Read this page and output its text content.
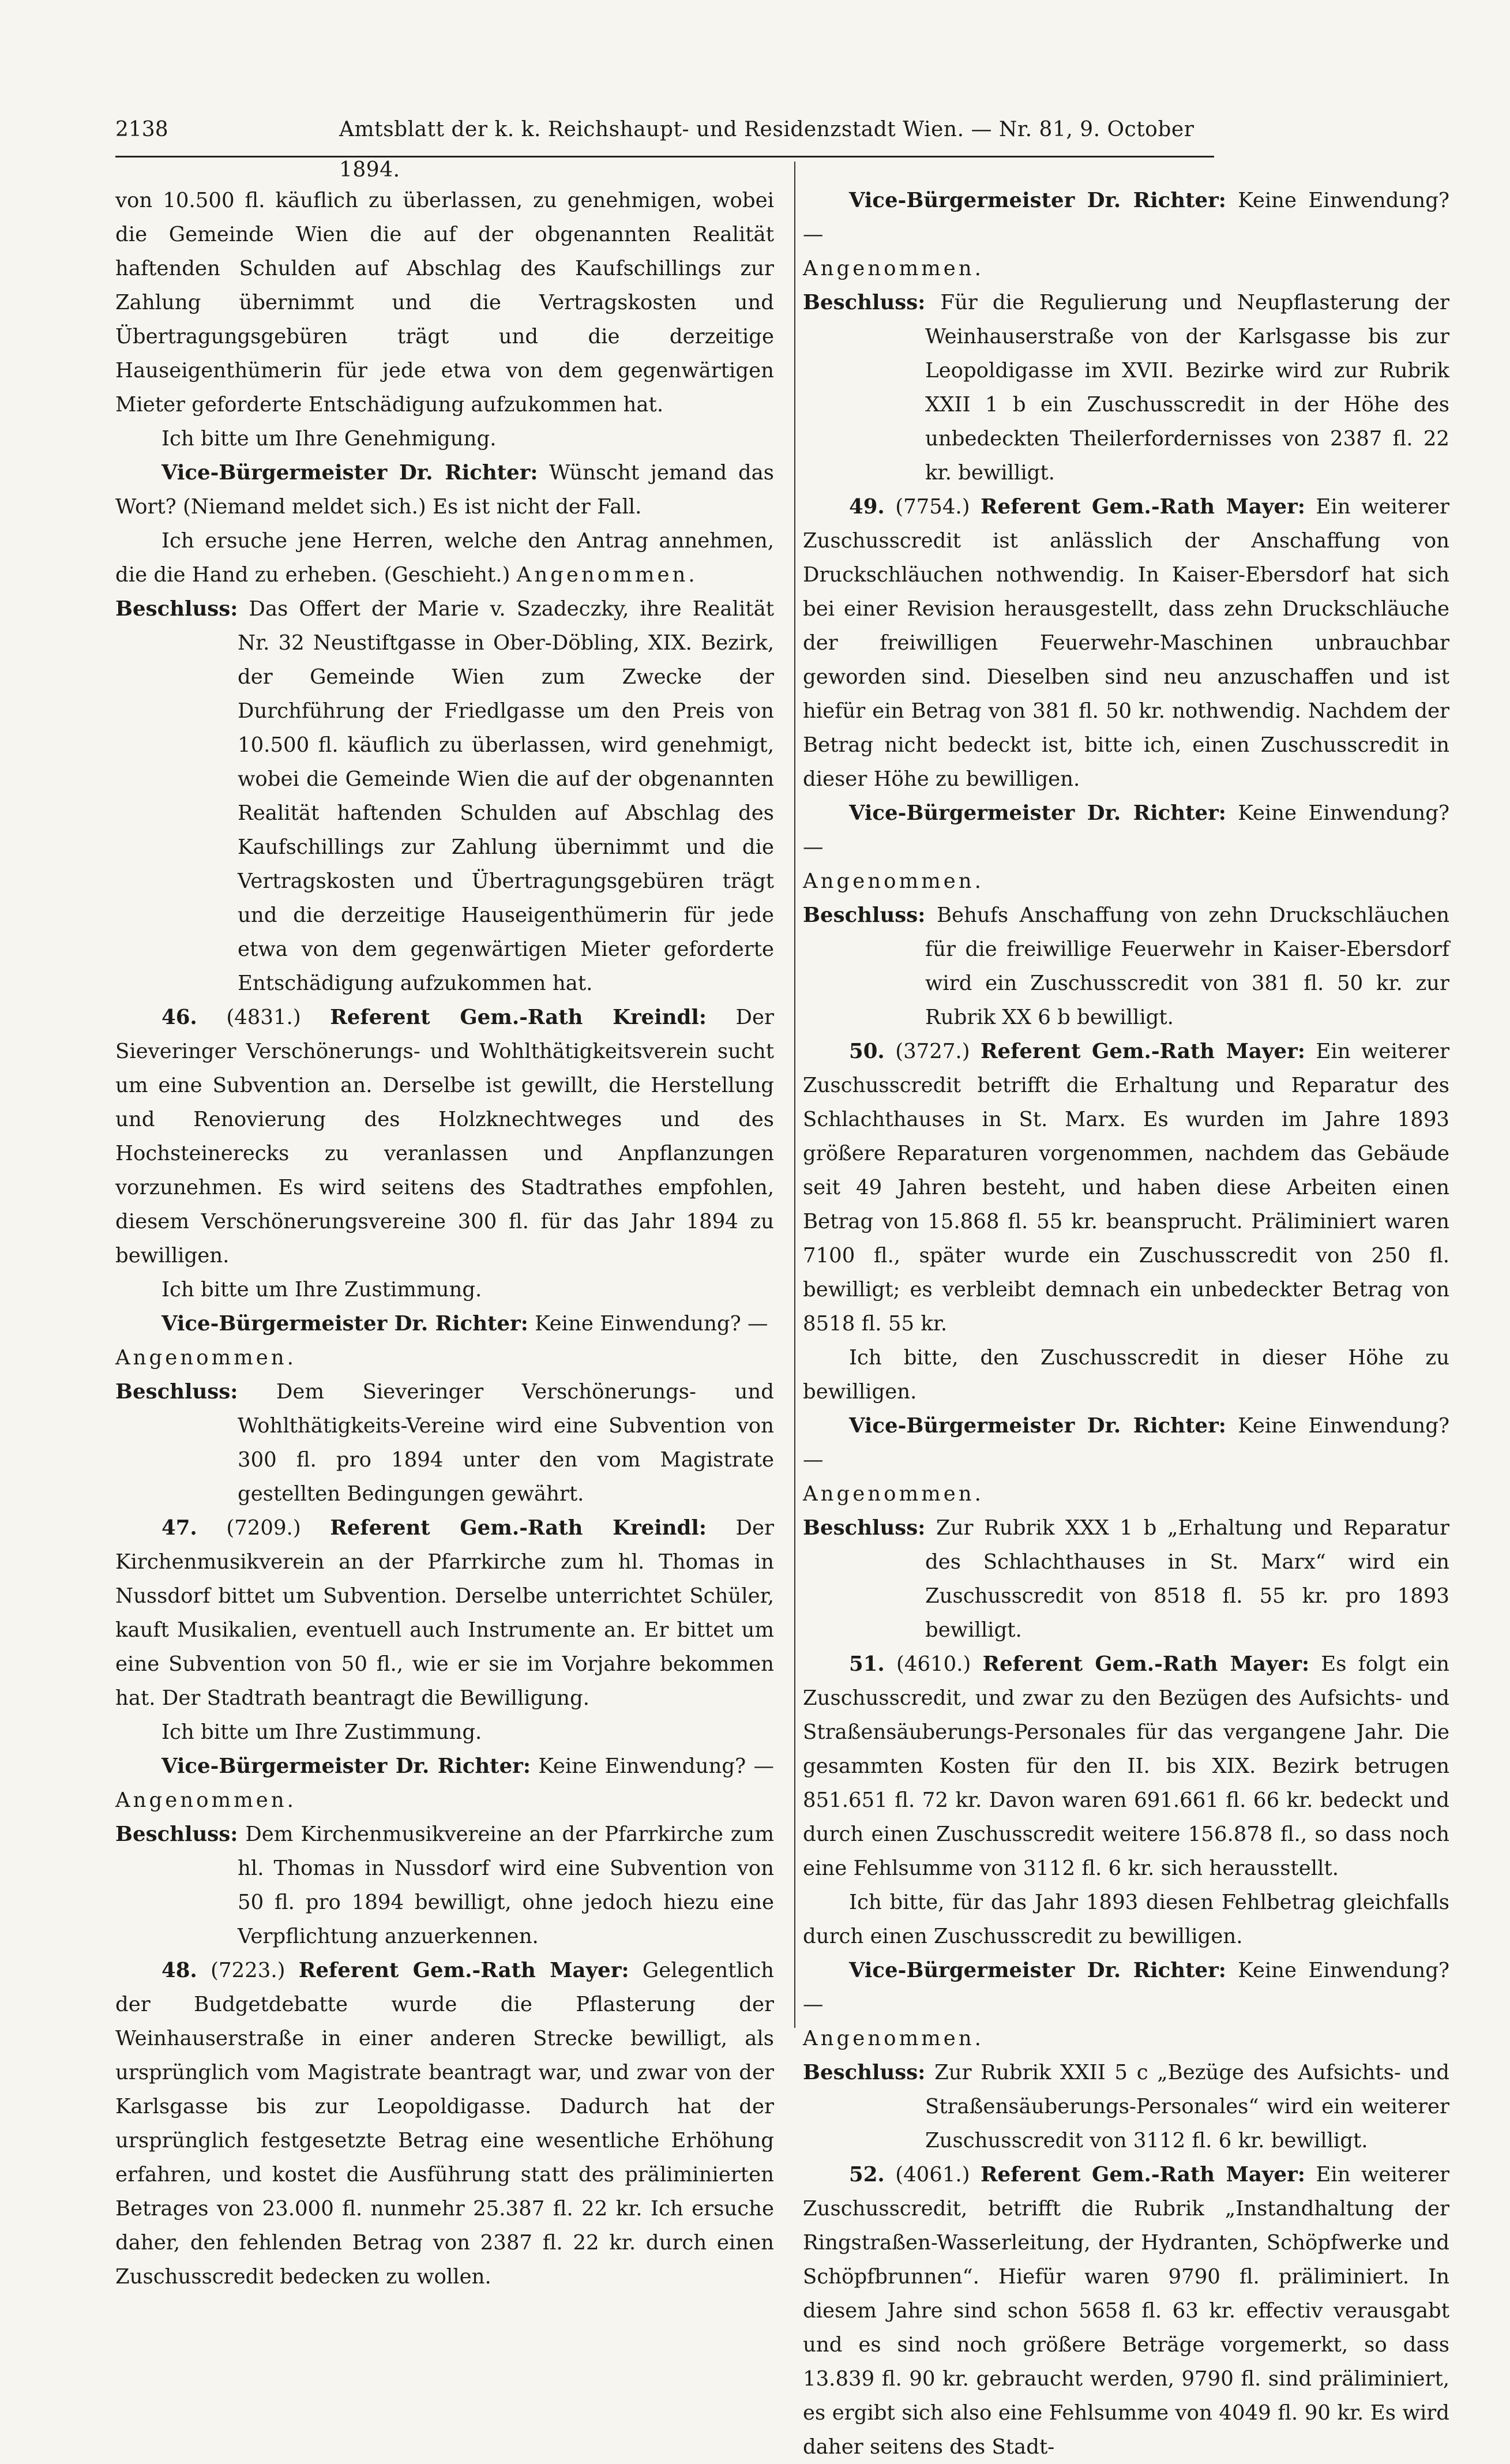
2138	Amtsblatt der k. k. Reichshaupt- und Residenzstadt Wien. — Nr. 81, 9. October 1894.

von 10.500 fl. käuflich zu überlassen, zu genehmigen, wobei die Gemeinde Wien die auf der obgenannten Realität haftenden Schulden auf Abschlag des Kaufschillings zur Zahlung übernimmt und die Vertragskosten und Übertragungsgebüren trägt und die derzeitige Hauseigenthümerin für jede etwa von dem gegenwärtigen Mieter geforderte Entschädigung aufzukommen hat.

Ich bitte um Ihre Genehmigung.

Vice-Bürgermeister Dr. Richter: Wünscht jemand das Wort? (Niemand meldet sich.) Es ist nicht der Fall.

Ich ersuche jene Herren, welche den Antrag annehmen, die die Hand zu erheben. (Geschieht.) Angenommen.

Beschluss: Das Offert der Marie v. Szadeczky, ihre Realität Nr. 32 Neustiftgasse in Ober-Döbling, XIX. Bezirk, der Gemeinde Wien zum Zwecke der Durchführung der Friedlgasse um den Preis von 10.500 fl. käuflich zu überlassen, wird genehmigt, wobei die Gemeinde Wien die auf der obgenannten Realität haftenden Schulden auf Abschlag des Kaufschillings zur Zahlung übernimmt und die Vertragskosten und Übertragungsgebüren trägt und die derzeitige Hauseigenthümerin für jede etwa von dem gegenwärtigen Mieter geforderte Entschädigung aufzukommen hat.

46. (4831.) Referent Gem.-Rath Kreindl: Der Sieveringer Verschönerungs- und Wohlthätigkeitsverein sucht um eine Subvention an. Derselbe ist gewillt, die Herstellung und Renovierung des Holzknechtweges und des Hochsteinerecks zu veranlassen und Anpflanzungen vorzunehmen. Es wird seitens des Stadtrathes empfohlen, diesem Verschönerungsvereine 300 fl. für das Jahr 1894 zu bewilligen.

Ich bitte um Ihre Zustimmung.

Vice-Bürgermeister Dr. Richter: Keine Einwendung? —

Angenommen.

Beschluss: Dem Sieveringer Verschönerungs- und Wohlthätigkeits-Vereine wird eine Subvention von 300 fl. pro 1894 unter den vom Magistrate gestellten Bedingungen gewährt.

47. (7209.) Referent Gem.-Rath Kreindl: Der Kirchenmusikverein an der Pfarrkirche zum hl. Thomas in Nussdorf bittet um Subvention. Derselbe unterrichtet Schüler, kauft Musikalien, eventuell auch Instrumente an. Er bittet um eine Subvention von 50 fl., wie er sie im Vorjahre bekommen hat. Der Stadtrath beantragt die Bewilligung.

Ich bitte um Ihre Zustimmung.

Vice-Bürgermeister Dr. Richter: Keine Einwendung? — Angenommen.

Beschluss: Dem Kirchenmusikvereine an der Pfarrkirche zum hl. Thomas in Nussdorf wird eine Subvention von 50 fl. pro 1894 bewilligt, ohne jedoch hiezu eine Verpflichtung anzuerkennen.

48. (7223.) Referent Gem.-Rath Mayer: Gelegentlich der Budgetdebatte wurde die Pflasterung der Weinhauserstraße in einer anderen Strecke bewilligt, als ursprünglich vom Magistrate beantragt war, und zwar von der Karlsgasse bis zur Leopoldigasse. Dadurch hat der ursprünglich festgesetzte Betrag eine wesentliche Erhöhung erfahren, und kostet die Ausführung statt des präliminierten Betrages von 23.000 fl. nunmehr 25.387 fl. 22 kr. Ich ersuche daher, den fehlenden Betrag von 2387 fl. 22 kr. durch einen Zuschusscredit bedecken zu wollen.

Vice-Bürgermeister Dr. Richter: Keine Einwendung? —

Angenommen.

Beschluss: Für die Regulierung und Neupflasterung der Weinhauserstraße von der Karlsgasse bis zur Leopoldigasse im XVII. Bezirke wird zur Rubrik XXII 1 b ein Zuschusscredit in der Höhe des unbedeckten Theilerfordernisses von 2387 fl. 22 kr. bewilligt.

49. (7754.) Referent Gem.-Rath Mayer: Ein weiterer Zuschusscredit ist anlässlich der Anschaffung von Druckschläuchen nothwendig. In Kaiser-Ebersdorf hat sich bei einer Revision herausgestellt, dass zehn Druckschläuche der freiwilligen Feuerwehr-Maschinen unbrauchbar geworden sind. Dieselben sind neu anzuschaffen und ist hiefür ein Betrag von 381 fl. 50 kr. nothwendig. Nachdem der Betrag nicht bedeckt ist, bitte ich, einen Zuschusscredit in dieser Höhe zu bewilligen.

Vice-Bürgermeister Dr. Richter: Keine Einwendung? —

Angenommen.

Beschluss: Behufs Anschaffung von zehn Druckschläuchen für die freiwillige Feuerwehr in Kaiser-Ebersdorf wird ein Zuschusscredit von 381 fl. 50 kr. zur Rubrik XX 6 b bewilligt.

50. (3727.) Referent Gem.-Rath Mayer: Ein weiterer Zuschusscredit betrifft die Erhaltung und Reparatur des Schlachthauses in St. Marx. Es wurden im Jahre 1893 größere Reparaturen vorgenommen, nachdem das Gebäude seit 49 Jahren besteht, und haben diese Arbeiten einen Betrag von 15.868 fl. 55 kr. beansprucht. Präliminiert waren 7100 fl., später wurde ein Zuschusscredit von 250 fl. bewilligt; es verbleibt demnach ein unbedeckter Betrag von 8518 fl. 55 kr.

Ich bitte, den Zuschusscredit in dieser Höhe zu bewilligen.

Vice-Bürgermeister Dr. Richter: Keine Einwendung? —

Angenommen.

Beschluss: Zur Rubrik XXX 1 b „Erhaltung und Reparatur des Schlachthauses in St. Marx“ wird ein Zuschusscredit von 8518 fl. 55 kr. pro 1893 bewilligt.

51. (4610.) Referent Gem.-Rath Mayer: Es folgt ein Zuschusscredit, und zwar zu den Bezügen des Aufsichts- und Straßensäuberungs-Personales für das vergangene Jahr. Die gesammten Kosten für den II. bis XIX. Bezirk betrugen 851.651 fl. 72 kr. Davon waren 691.661 fl. 66 kr. bedeckt und durch einen Zuschusscredit weitere 156.878 fl., so dass noch eine Fehlsumme von 3112 fl. 6 kr. sich herausstellt.

Ich bitte, für das Jahr 1893 diesen Fehlbetrag gleichfalls durch einen Zuschusscredit zu bewilligen.

Vice-Bürgermeister Dr. Richter: Keine Einwendung? —

Angenommen.

Beschluss: Zur Rubrik XXII 5 c „Bezüge des Aufsichts- und Straßensäuberungs-Personales“ wird ein weiterer Zuschusscredit von 3112 fl. 6 kr. bewilligt.

52. (4061.) Referent Gem.-Rath Mayer: Ein weiterer Zuschusscredit, betrifft die Rubrik „Instandhaltung der Ringstraßen-Wasserleitung, der Hydranten, Schöpfwerke und Schöpfbrunnen“. Hiefür waren 9790 fl. präliminiert. In diesem Jahre sind schon 5658 fl. 63 kr. effectiv verausgabt und es sind noch größere Beträge vorgemerkt, so dass 13.839 fl. 90 kr. gebraucht werden, 9790 fl. sind präliminiert, es ergibt sich also eine Fehlsumme von 4049 fl. 90 kr. Es wird daher seitens des Stadt-
